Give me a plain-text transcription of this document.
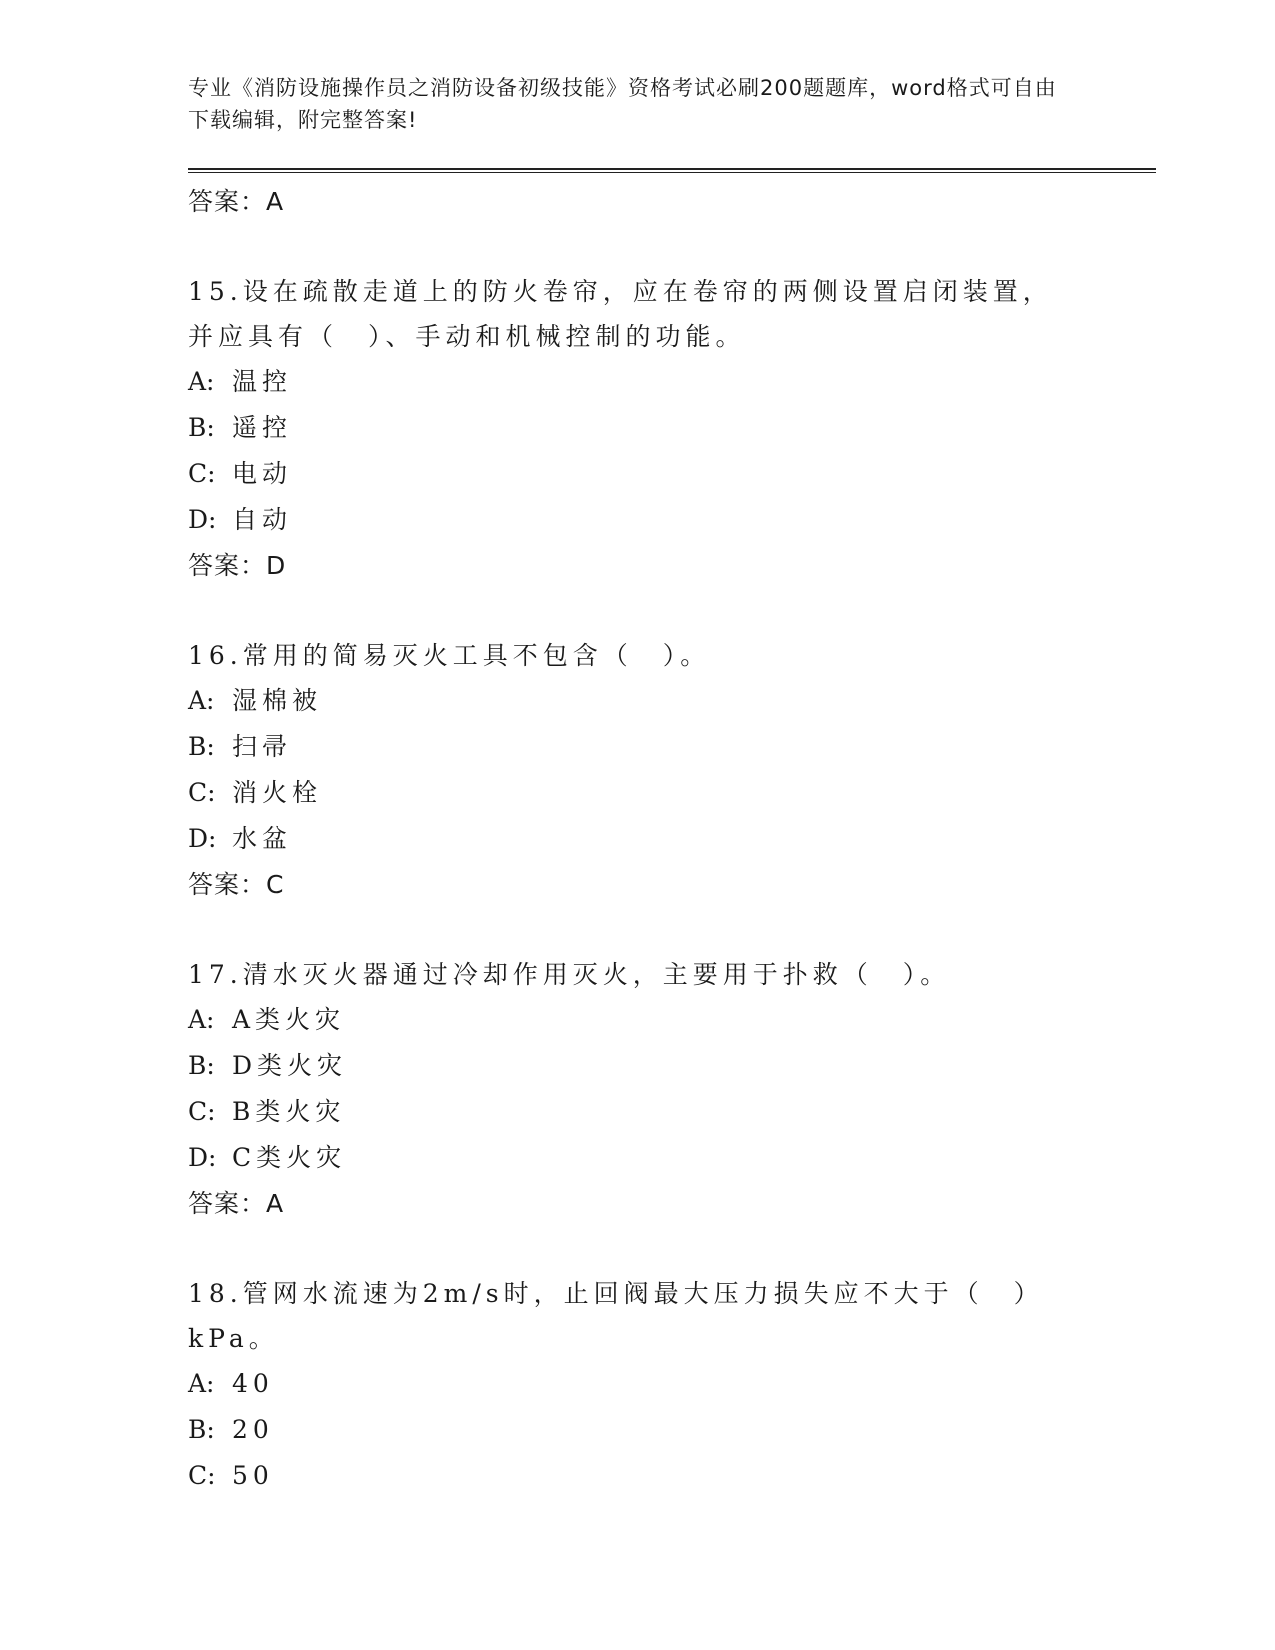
专业《消防设施操作员之消防设备初级技能》资格考试必刷200题题库，word格式可自由下载编辑，附完整答案!

答案：A
15.设在疏散走道上的防火卷帘，应在卷帘的两侧设置启闭装置，并应具有（　）、手动和机械控制的功能。
A: 温控
B: 遥控
C: 电动
D: 自动
答案：D
16.常用的简易灭火工具不包含（　）。
A: 湿棉被
B: 扫帚
C: 消火栓
D: 水盆
答案：C
17.清水灭火器通过冷却作用灭火，主要用于扑救（　）。
A: A类火灾
B: D类火灾
C: B类火灾
D: C类火灾
答案：A
18.管网水流速为2m/s时，止回阀最大压力损失应不大于（　）kPa。
A: 40
B: 20
C: 50
